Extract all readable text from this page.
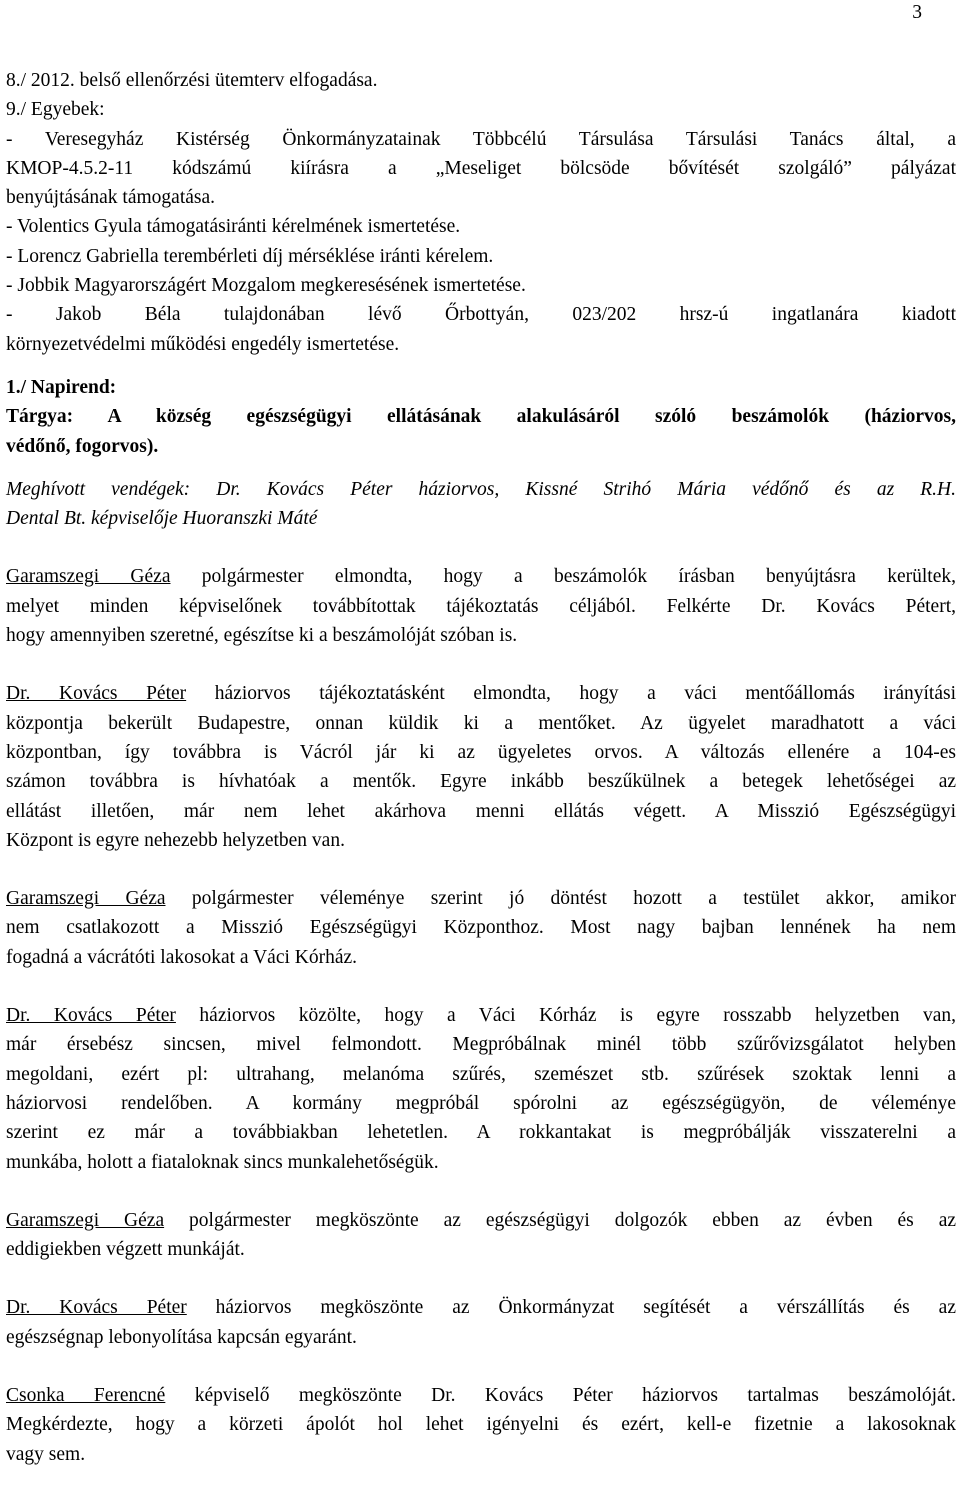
3
8./ 2012. belső ellenőrzési ütemterv elfogadása.
9./ Egyebek:
- Veresegyház Kistérség Önkormányzatainak Többcélú Társulása Társulási Tanács által, a
KMOP-4.5.2-11 kódszámú kiírásra a „Meseliget bölcsöde bővítését szolgáló” pályázat
benyújtásának támogatása.
- Volentics Gyula támogatásiránti kérelmének ismertetése.
- Lorencz Gabriella terembérleti díj mérséklése iránti kérelem.
- Jobbik Magyarországért Mozgalom megkeresésének ismertetése.
- Jakob Béla tulajdonában lévő Őrbottyán, 023/202 hrsz-ú ingatlanára kiadott
környezetvédelmi működési engedély ismertetése.
1./ Napirend:
Tárgya: A község egészségügyi ellátásának alakulásáról szóló beszámolók (háziorvos,
védőnő, fogorvos).
Meghívott vendégek: Dr. Kovács Péter háziorvos, Kissné Strihó Mária védőnő és az R.H.
Dental Bt. képviselője Huoranszki Máté
Garamszegi Géza polgármester elmondta, hogy a beszámolók írásban benyújtásra kerültek,
melyet minden képviselőnek továbbítottak tájékoztatás céljából. Felkérte Dr. Kovács Pétert,
hogy amennyiben szeretné, egészítse ki a beszámolóját szóban is.
Dr. Kovács Péter háziorvos tájékoztatásként elmondta, hogy a váci mentőállomás irányítási
központja bekerült Budapestre, onnan küldik ki a mentőket. Az ügyelet maradhatott a váci
központban, így továbbra is Vácról jár ki az ügyeletes orvos. A változás ellenére a 104-es
számon továbbra is hívhatóak a mentők. Egyre inkább beszűkülnek a betegek lehetőségei az
ellátást illetően, már nem lehet akárhova menni ellátás végett. A Misszió Egészségügyi
Központ is egyre nehezebb helyzetben van.
Garamszegi Géza polgármester véleménye szerint jó döntést hozott a testület akkor, amikor
nem csatlakozott a Misszió Egészségügyi Központhoz. Most nagy bajban lennének ha nem
fogadná a vácrátóti lakosokat a Váci Kórház.
Dr. Kovács Péter háziorvos közölte, hogy a Váci Kórház is egyre rosszabb helyzetben van,
már érsebész sincsen, mivel felmondott. Megpróbálnak minél több szűrővizsgálatot helyben
megoldani, ezért pl: ultrahang, melanóma szűrés, szemészet stb. szűrések szoktak lenni a
háziorvosi rendelőben. A kormány megpróbál spórolni az egészségügyön, de véleménye
szerint ez már a továbbiakban lehetetlen. A rokkantakat is megpróbálják visszaterelni a
munkába, holott a fiataloknak sincs munkalehetőségük.
Garamszegi Géza polgármester megköszönte az egészségügyi dolgozók ebben az évben és az
eddigiekben végzett munkáját.
Dr. Kovács Péter háziorvos megköszönte az Önkormányzat segítését a vérszállítás és az
egészségnap lebonyolítása kapcsán egyaránt.
Csonka Ferencné képviselő megköszönte Dr. Kovács Péter háziorvos tartalmas beszámolóját.
Megkérdezte, hogy a körzeti ápolót hol lehet igényelni és ezért, kell-e fizetnie a lakosoknak
vagy sem.
